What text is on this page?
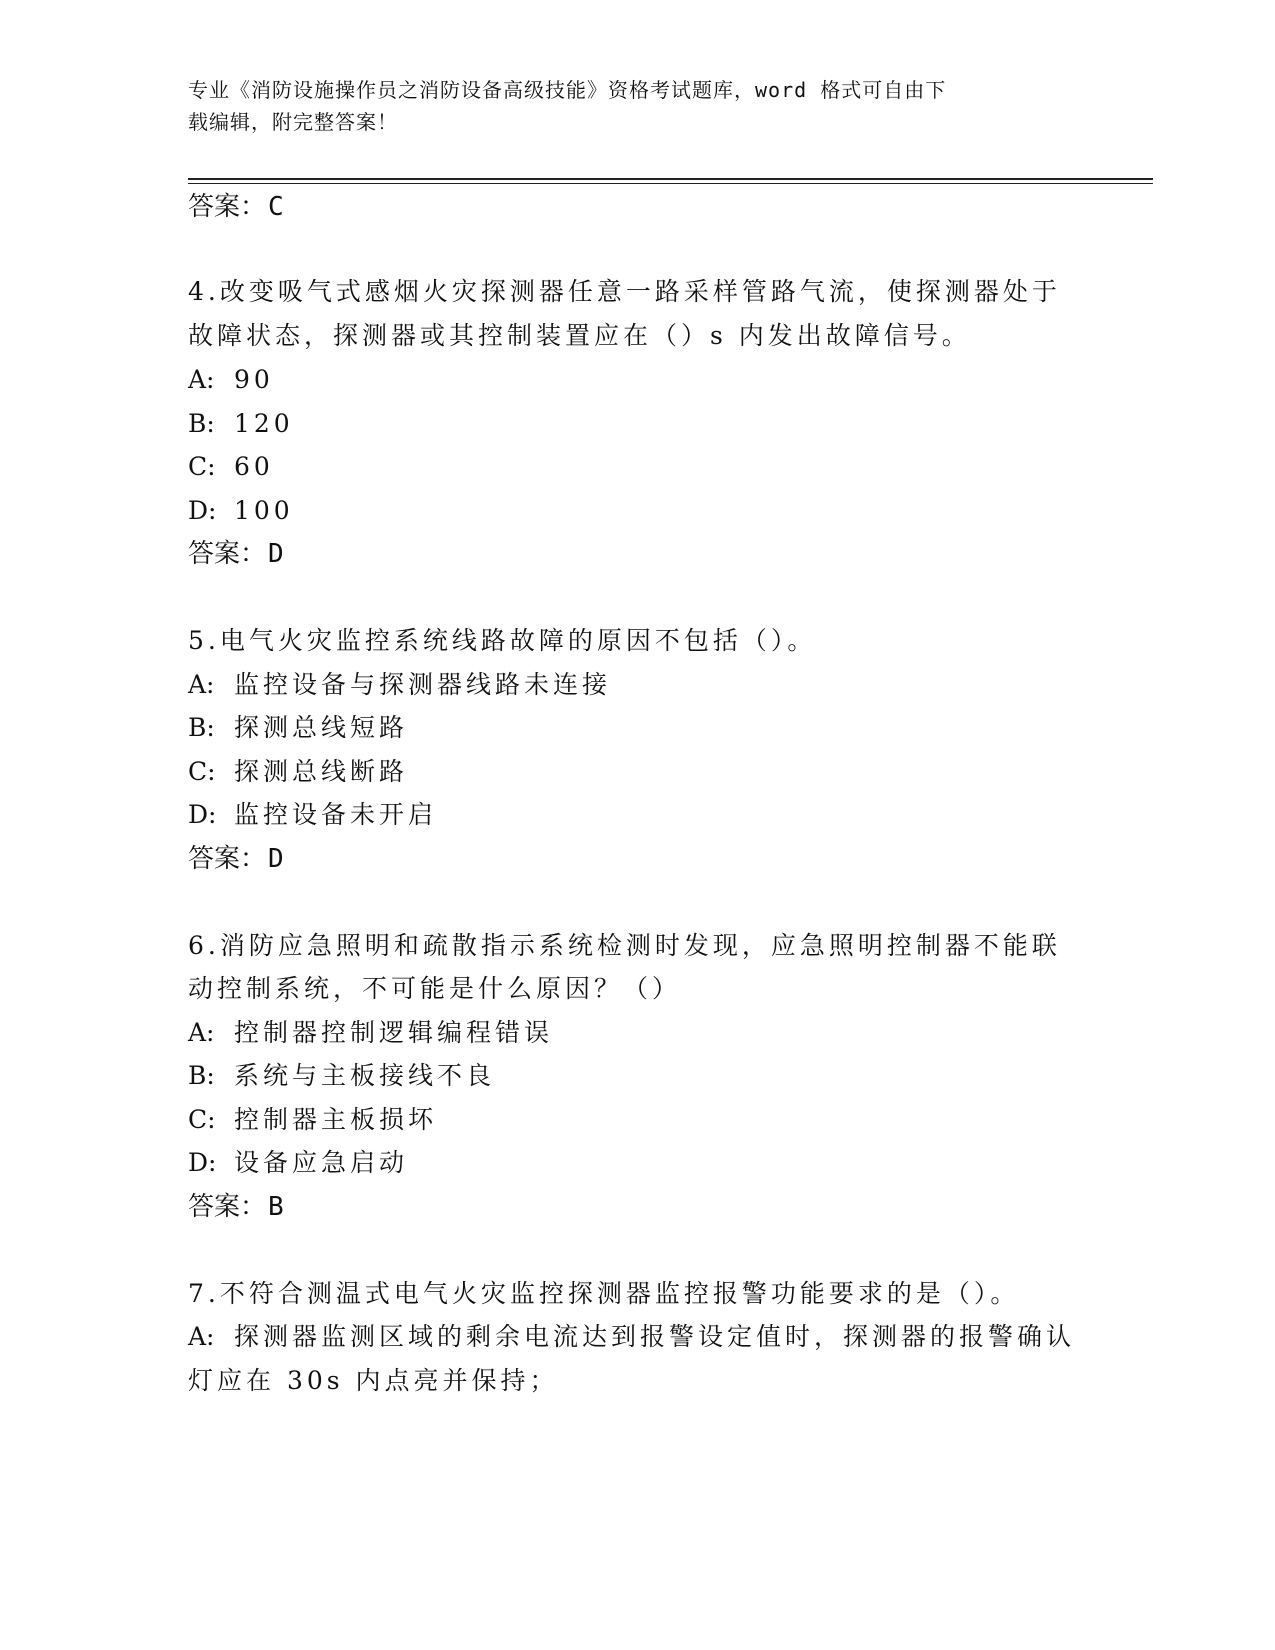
专业《消防设施操作员之消防设备高级技能》资格考试题库，word 格式可自由下
载编辑，附完整答案！
答案：C
4.改变吸气式感烟火灾探测器任意一路采样管路气流，使探测器处于
故障状态，探测器或其控制装置应在（）s 内发出故障信号。
A: 90
B: 120
C: 60
D: 100
答案：D
5.电气火灾监控系统线路故障的原因不包括（）。
A: 监控设备与探测器线路未连接
B: 探测总线短路
C: 探测总线断路
D: 监控设备未开启
答案：D
6.消防应急照明和疏散指示系统检测时发现，应急照明控制器不能联
动控制系统，不可能是什么原因？（）
A: 控制器控制逻辑编程错误
B: 系统与主板接线不良
C: 控制器主板损坏
D: 设备应急启动
答案：B
7.不符合测温式电气火灾监控探测器监控报警功能要求的是（）。
A: 探测器监测区域的剩余电流达到报警设定值时，探测器的报警确认
灯应在 30s 内点亮并保持；
